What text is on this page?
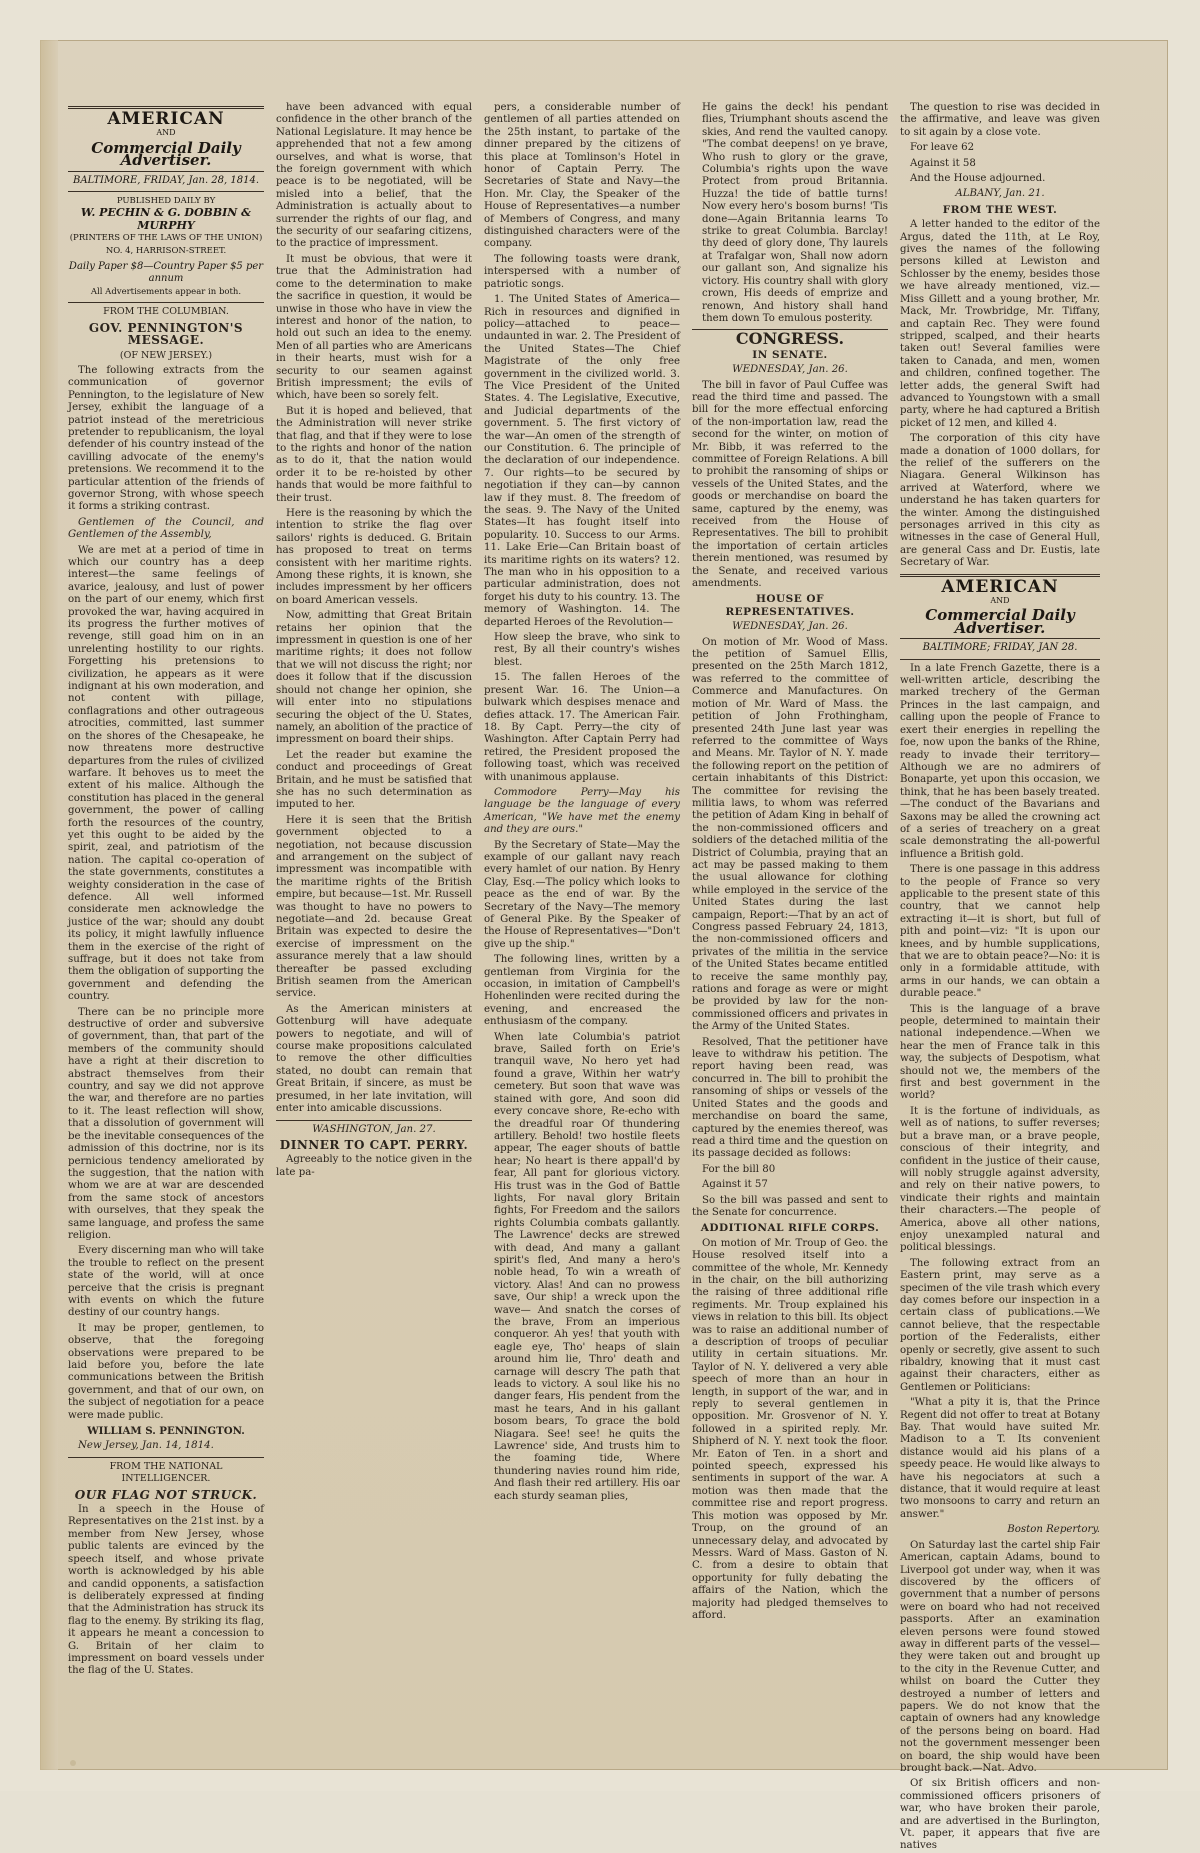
AMERICAN
AND
Commercial Daily Advertiser.
BALTIMORE, FRIDAY, Jan. 28, 1814.
PUBLISHED DAILY BY
W. PECHIN & G. DOBBIN & MURPHY
(PRINTERS OF THE LAWS OF THE UNION)
NO. 4, HARRISON-STREET.
Daily Paper $8—Country Paper $5 per annum
All Advertisements appear in both.

FROM THE COLUMBIAN.

GOV. PENNINGTON'S MESSAGE.

(OF NEW JERSEY.)

The following extracts from the communication of governor Pennington, to the legislature of New Jersey, exhibit the language of a patriot instead of the meretricious pretender to republicanism, the loyal defender of his country instead of the cavilling advocate of the enemy's pretensions. We recommend it to the particular attention of the friends of governor Strong, with whose speech it forms a striking contrast.

Gentlemen of the Council, and Gentlemen of the Assembly,

We are met at a period of time in which our country has a deep interest—the same feelings of avarice, jealousy, and lust of power on the part of our enemy, which first provoked the war, having acquired in its progress the further motives of revenge, still goad him on in an unrelenting hostility to our rights. Forgetting his pretensions to civilization, he appears as it were indignant at his own moderation, and not content with pillage, conflagrations and other outrageous atrocities, committed, last summer on the shores of the Chesapeake, he now threatens more destructive departures from the rules of civilized warfare. It behoves us to meet the extent of his malice. Although the constitution has placed in the general government, the power of calling forth the resources of the country, yet this ought to be aided by the spirit, zeal, and patriotism of the nation. The capital co-operation of the state governments, constitutes a weighty consideration in the case of defence. All well informed considerate men acknowledge the justice of the war; should any doubt its policy, it might lawfully influence them in the exercise of the right of suffrage, but it does not take from them the obligation of supporting the government and defending the country.

There can be no principle more destructive of order and subversive of government, than, that part of the members of the community should have a right at their discretion to abstract themselves from their country, and say we did not approve the war, and therefore are no parties to it. The least reflection will show, that a dissolution of government will be the inevitable consequences of the admission of this doctrine, nor is its pernicious tendency ameliorated by the suggestion, that the nation with whom we are at war are descended from the same stock of ancestors with ourselves, that they speak the same language, and profess the same religion.

Every discerning man who will take the trouble to reflect on the present state of the world, will at once perceive that the crisis is pregnant with events on which the future destiny of our country hangs.

It may be proper, gentlemen, to observe, that the foregoing observations were prepared to be laid before you, before the late communications between the British government, and that of our own, on the subject of negotiation for a peace were made public.

WILLIAM S. PENNINGTON.

New Jersey, Jan. 14, 1814.

FROM THE NATIONAL INTELLIGENCER.

OUR FLAG NOT STRUCK.

In a speech in the House of Representatives on the 21st inst. by a member from New Jersey, whose public talents are evinced by the speech itself, and whose private worth is acknowledged by his able and candid opponents, a satisfaction is deliberately expressed at finding that the Administration has struck its flag to the enemy. By striking its flag, it appears he meant a concession to G. Britain of her claim to impressment on board vessels under the flag of the U. States.

have been advanced with equal confidence in the other branch of the National Legislature. It may hence be apprehended that not a few among ourselves, and what is worse, that the foreign government with which peace is to be negotiated, will be misled into a belief, that the Administration is actually about to surrender the rights of our flag, and the security of our seafaring citizens, to the practice of impressment.

It must be obvious, that were it true that the Administration had come to the determination to make the sacrifice in question, it would be unwise in those who have in view the interest and honor of the nation, to hold out such an idea to the enemy. Men of all parties who are Americans in their hearts, must wish for a security to our seamen against British impressment; the evils of which, have been so sorely felt.

But it is hoped and believed, that the Administration will never strike that flag, and that if they were to lose to the rights and honor of the nation as to do it, that the nation would order it to be re-hoisted by other hands that would be more faithful to their trust.

Here is the reasoning by which the intention to strike the flag over sailors' rights is deduced. G. Britain has proposed to treat on terms consistent with her maritime rights. Among these rights, it is known, she includes impressment by her officers on board American vessels.

Now, admitting that Great Britain retains her opinion that the impressment in question is one of her maritime rights; it does not follow that we will not discuss the right; nor does it follow that if the discussion should not change her opinion, she will enter into no stipulations securing the object of the U. States, namely, an abolition of the practice of impressment on board their ships.

Let the reader but examine the conduct and proceedings of Great Britain, and he must be satisfied that she has no such determination as imputed to her.

Here it is seen that the British government objected to a negotiation, not because discussion and arrangement on the subject of impressment was incompatible with the maritime rights of the British empire, but because—1st. Mr. Russell was thought to have no powers to negotiate—and 2d. because Great Britain was expected to desire the exercise of impressment on the assurance merely that a law should thereafter be passed excluding British seamen from the American service.

As the American ministers at Gottenburg will have adequate powers to negotiate, and will of course make propositions calculated to remove the other difficulties stated, no doubt can remain that Great Britain, if sincere, as must be presumed, in her late invitation, will enter into amicable discussions.

WASHINGTON, Jan. 27.

DINNER TO CAPT. PERRY.

Agreeably to the notice given in the late pa-

pers, a considerable number of gentlemen of all parties attended on the 25th instant, to partake of the dinner prepared by the citizens of this place at Tomlinson's Hotel in honor of Captain Perry. The Secretaries of State and Navy—the Hon. Mr. Clay, the Speaker of the House of Representatives—a number of Members of Congress, and many distinguished characters were of the company.

The following toasts were drank, interspersed with a number of patriotic songs.

1. The United States of America—Rich in resources and dignified in policy—attached to peace—undaunted in war. 2. The President of the United States—The Chief Magistrate of the only free government in the civilized world. 3. The Vice President of the United States. 4. The Legislative, Executive, and Judicial departments of the government. 5. The first victory of the war—An omen of the strength of our Constitution. 6. The principle of the declaration of our independence. 7. Our rights—to be secured by negotiation if they can—by cannon law if they must. 8. The freedom of the seas. 9. The Navy of the United States—It has fought itself into popularity. 10. Success to our Arms. 11. Lake Erie—Can Britain boast of its maritime rights on its waters? 12. The man who in his opposition to a particular administration, does not forget his duty to his country. 13. The memory of Washington. 14. The departed Heroes of the Revolution—

How sleep the brave, who sink to rest, By all their country's wishes blest.

15. The fallen Heroes of the present War. 16. The Union—a bulwark which despises menace and defies attack. 17. The American Fair. 18. By Capt. Perry—the city of Washington. After Captain Perry had retired, the President proposed the following toast, which was received with unanimous applause.

Commodore Perry—May his language be the language of every American, "We have met the enemy and they are ours."

By the Secretary of State—May the example of our gallant navy reach every hamlet of our nation. By Henry Clay, Esq.—The policy which looks to peace as the end of war. By the Secretary of the Navy—The memory of General Pike. By the Speaker of the House of Representatives—"Don't give up the ship."

The following lines, written by a gentleman from Virginia for the occasion, in imitation of Campbell's Hohenlinden were recited during the evening, and encreased the enthusiasm of the company.

When late Columbia's patriot brave, Sailed forth on Erie's tranquil wave, No hero yet had found a grave, Within her watr'y cemetery. But soon that wave was stained with gore, And soon did every concave shore, Re-echo with the dreadful roar Of thundering artillery. Behold! two hostile fleets appear, The eager shouts of battle hear; No heart is there appall'd by fear, All pant for glorious victory. His trust was in the God of Battle lights, For naval glory Britain fights, For Freedom and the sailors rights Columbia combats gallantly. The Lawrence' decks are strewed with dead, And many a gallant spirit's fled, And many a hero's noble head, To win a wreath of victory. Alas! And can no prowess save, Our ship! a wreck upon the wave— And snatch the corses of the brave, From an imperious conqueror. Ah yes! that youth with eagle eye, Tho' heaps of slain around him lie, Thro' death and carnage will descry The path that leads to victory. A soul like his no danger fears, His pendent from the mast he tears, And in his gallant bosom bears, To grace the bold Niagara. See! see! he quits the Lawrence' side, And trusts him to the foaming tide, Where thundering navies round him ride, And flash their red artillery. His oar each sturdy seaman plies,

He gains the deck! his pendant flies, Triumphant shouts ascend the skies, And rend the vaulted canopy. "The combat deepens! on ye brave, Who rush to glory or the grave, Columbia's rights upon the wave Protect from proud Britannia. Huzza! the tide of battle turns! Now every hero's bosom burns! 'Tis done—Again Britannia learns To strike to great Columbia. Barclay! thy deed of glory done, Thy laurels at Trafalgar won, Shall now adorn our gallant son, And signalize his victory. His country shall with glory crown, His deeds of emprize and renown, And history shall hand them down To emulous posterity.

CONGRESS.

IN SENATE.

WEDNESDAY, Jan. 26.

The bill in favor of Paul Cuffee was read the third time and passed. The bill for the more effectual enforcing of the non-importation law, read the second for the winter, on motion of Mr. Bibb, it was referred to the committee of Foreign Relations. A bill to prohibit the ransoming of ships or vessels of the United States, and the goods or merchandise on board the same, captured by the enemy, was received from the House of Representatives. The bill to prohibit the importation of certain articles therein mentioned, was resumed by the Senate, and received various amendments.

HOUSE OF REPRESENTATIVES.

WEDNESDAY, Jan. 26.

On motion of Mr. Wood of Mass. the petition of Samuel Ellis, presented on the 25th March 1812, was referred to the committee of Commerce and Manufactures. On motion of Mr. Ward of Mass. the petition of John Frothingham, presented 24th June last year was referred to the committee of Ways and Means. Mr. Taylor of N. Y. made the following report on the petition of certain inhabitants of this District: The committee for revising the militia laws, to whom was referred the petition of Adam King in behalf of the non-commissioned officers and soldiers of the detached militia of the District of Columbia, praying that an act may be passed making to them the usual allowance for clothing while employed in the service of the United States during the last campaign, Report:—That by an act of Congress passed February 24, 1813, the non-commissioned officers and privates of the militia in the service of the United States became entitled to receive the same monthly pay, rations and forage as were or might be provided by law for the non-commissioned officers and privates in the Army of the United States.

Resolved, That the petitioner have leave to withdraw his petition. The report having been read, was concurred in. The bill to prohibit the ransoming of ships or vessels of the United States and the goods and merchandise on board the same, captured by the enemies thereof, was read a third time and the question on its passage decided as follows:

For the bill 80

Against it 57

So the bill was passed and sent to the Senate for concurrence.

ADDITIONAL RIFLE CORPS.

On motion of Mr. Troup of Geo. the House resolved itself into a committee of the whole, Mr. Kennedy in the chair, on the bill authorizing the raising of three additional rifle regiments. Mr. Troup explained his views in relation to this bill. Its object was to raise an additional number of a description of troops of peculiar utility in certain situations. Mr. Taylor of N. Y. delivered a very able speech of more than an hour in length, in support of the war, and in reply to several gentlemen in opposition. Mr. Grosvenor of N. Y. followed in a spirited reply. Mr. Shipherd of N. Y. next took the floor. Mr. Eaton of Ten. in a short and pointed speech, expressed his sentiments in support of the war. A motion was then made that the committee rise and report progress. This motion was opposed by Mr. Troup, on the ground of an unnecessary delay, and advocated by Messrs. Ward of Mass. Gaston of N. C. from a desire to obtain that opportunity for fully debating the affairs of the Nation, which the majority had pledged themselves to afford.

The question to rise was decided in the affirmative, and leave was given to sit again by a close vote.

For leave 62

Against it 58

And the House adjourned.

ALBANY, Jan. 21.

FROM THE WEST.

A letter handed to the editor of the Argus, dated the 11th, at Le Roy, gives the names of the following persons killed at Lewiston and Schlosser by the enemy, besides those we have already mentioned, viz.—Miss Gillett and a young brother, Mr. Mack, Mr. Trowbridge, Mr. Tiffany, and captain Rec. They were found stripped, scalped, and their hearts taken out! Several families were taken to Canada, and men, women and children, confined together. The letter adds, the general Swift had advanced to Youngstown with a small party, where he had captured a British picket of 12 men, and killed 4.

The corporation of this city have made a donation of 1000 dollars, for the relief of the sufferers on the Niagara. General Wilkinson has arrived at Waterford, where we understand he has taken quarters for the winter. Among the distinguished personages arrived in this city as witnesses in the case of General Hull, are general Cass and Dr. Eustis, late Secretary of War.

AMERICAN
AND
Commercial Daily Advertiser.
BALTIMORE; FRIDAY, JAN 28.

In a late French Gazette, there is a well-written article, describing the marked trechery of the German Princes in the last campaign, and calling upon the people of France to exert their energies in repelling the foe, now upon the banks of the Rhine, ready to invade their territory—Although we are no admirers of Bonaparte, yet upon this occasion, we think, that he has been basely treated.—The conduct of the Bavarians and Saxons may be alled the crowning act of a series of treachery on a great scale demonstrating the all-powerful influence a British gold.

There is one passage in this address to the people of France so very applicable to the present state of this country, that we cannot help extracting it—it is short, but full of pith and point—viz: "It is upon our knees, and by humble supplications, that we are to obtain peace?—No: it is only in a formidable attitude, with arms in our hands, we can obtain a durable peace."

This is the language of a brave people, determined to maintain their national independence.—When we hear the men of France talk in this way, the subjects of Despotism, what should not we, the members of the first and best government in the world?

It is the fortune of individuals, as well as of nations, to suffer reverses; but a brave man, or a brave people, conscious of their integrity, and confident in the justice of their cause, will nobly struggle against adversity, and rely on their native powers, to vindicate their rights and maintain their characters.—The people of America, above all other nations, enjoy unexampled natural and political blessings.

The following extract from an Eastern print, may serve as a specimen of the vile trash which every day comes before our inspection in a certain class of publications.—We cannot believe, that the respectable portion of the Federalists, either openly or secretly, give assent to such ribaldry, knowing that it must cast against their characters, either as Gentlemen or Politicians:

"What a pity it is, that the Prince Regent did not offer to treat at Botany Bay. That would have suited Mr. Madison to a T. Its convenient distance would aid his plans of a speedy peace. He would like always to have his negociators at such a distance, that it would require at least two monsoons to carry and return an answer."

Boston Repertory.

On Saturday last the cartel ship Fair American, captain Adams, bound to Liverpool got under way, when it was discovered by the officers of government that a number of persons were on board who had not received passports. After an examination eleven persons were found stowed away in different parts of the vessel—they were taken out and brought up to the city in the Revenue Cutter, and whilst on board the Cutter they destroyed a number of letters and papers. We do not know that the captain of owners had any knowledge of the persons being on board. Had not the government messenger been on board, the ship would have been brought back.—Nat. Advo.

Of six British officers and non-commissioned officers prisoners of war, who have broken their parole, and are advertised in the Burlington, Vt. paper, it appears that five are natives
